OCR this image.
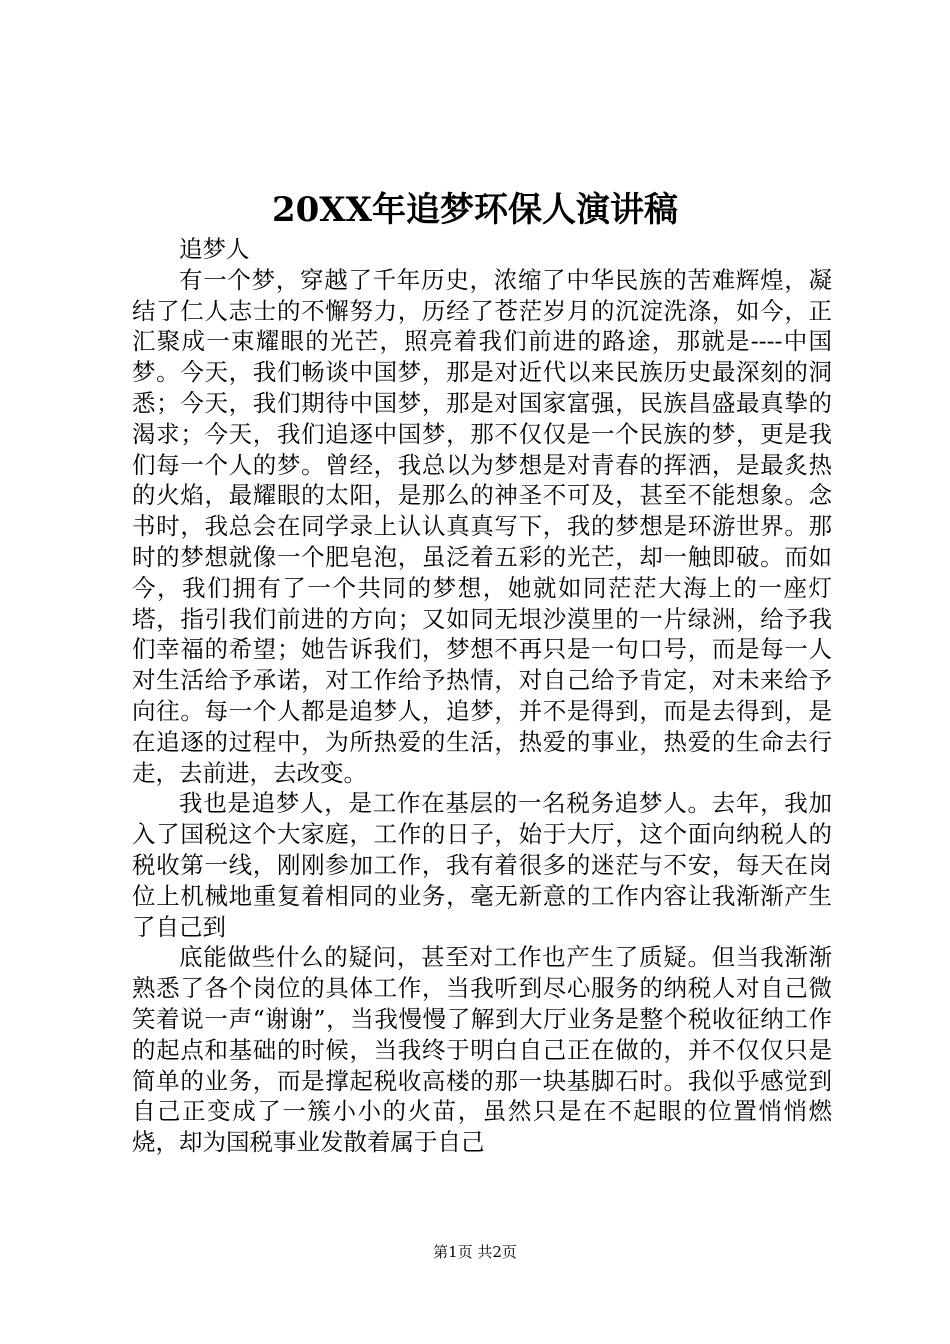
20XX年追梦环保人演讲稿

追梦人

有一个梦，穿越了千年历史，浓缩了中华民族的苦难辉煌，凝结了仁人志士的不懈努力，历经了苍茫岁月的沉淀洗涤，如今，正汇聚成一束耀眼的光芒，照亮着我们前进的路途，那就是----中国梦。今天，我们畅谈中国梦，那是对近代以来民族历史最深刻的洞悉；今天，我们期待中国梦，那是对国家富强，民族昌盛最真挚的渴求；今天，我们追逐中国梦，那不仅仅是一个民族的梦，更是我们每一个人的梦。曾经，我总以为梦想是对青春的挥洒，是最炙热的火焰，最耀眼的太阳，是那么的神圣不可及，甚至不能想象。念书时，我总会在同学录上认认真真写下，我的梦想是环游世界。那时的梦想就像一个肥皂泡，虽泛着五彩的光芒，却一触即破。而如今，我们拥有了一个共同的梦想，她就如同茫茫大海上的一座灯塔，指引我们前进的方向；又如同无垠沙漠里的一片绿洲，给予我们幸福的希望；她告诉我们，梦想不再只是一句口号，而是每一人对生活给予承诺，对工作给予热情，对自己给予肯定，对未来给予向往。每一个人都是追梦人，追梦，并不是得到，而是去得到，是在追逐的过程中，为所热爱的生活，热爱的事业，热爱的生命去行走，去前进，去改变。

我也是追梦人，是工作在基层的一名税务追梦人。去年，我加入了国税这个大家庭，工作的日子，始于大厅，这个面向纳税人的税收第一线，刚刚参加工作，我有着很多的迷茫与不安，每天在岗位上机械地重复着相同的业务，毫无新意的工作内容让我渐渐产生了自己到

底能做些什么的疑问，甚至对工作也产生了质疑。但当我渐渐熟悉了各个岗位的具体工作，当我听到尽心服务的纳税人对自己微笑着说一声“谢谢”，当我慢慢了解到大厅业务是整个税收征纳工作的起点和基础的时候，当我终于明白自己正在做的，并不仅仅只是简单的业务，而是撑起税收高楼的那一块基脚石时。我似乎感觉到自己正变成了一簇小小的火苗，虽然只是在不起眼的位置悄悄燃烧，却为国税事业发散着属于自己

第1页 共2页
